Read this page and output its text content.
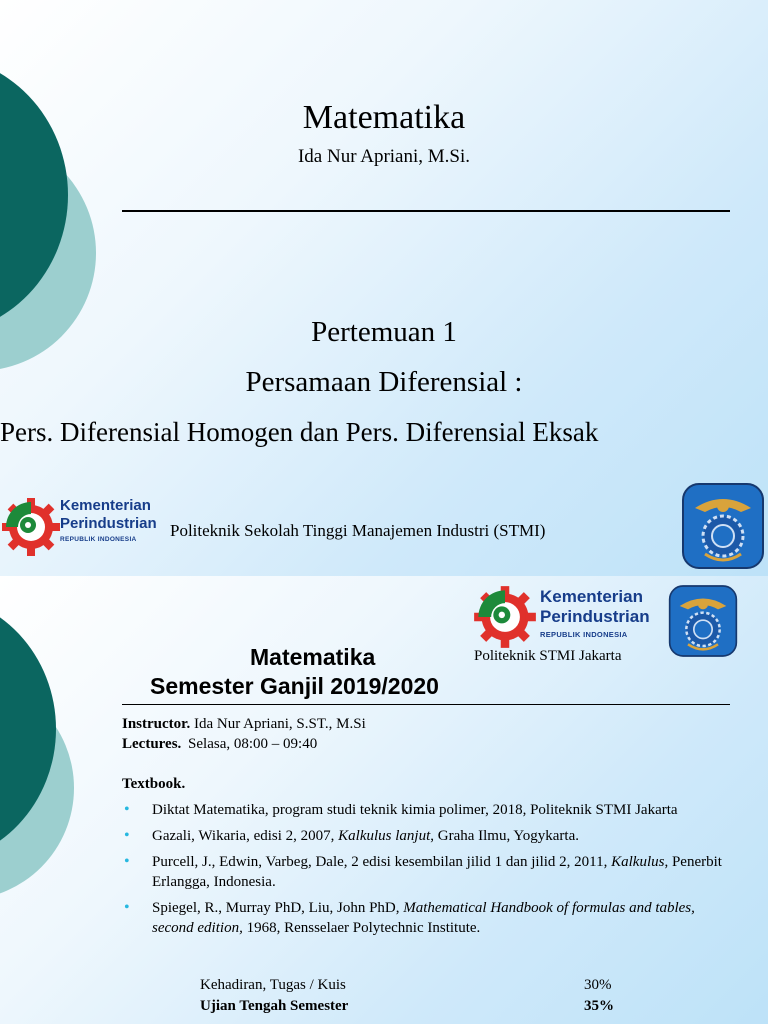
Matematika
Ida Nur Apriani, M.Si.
Pertemuan 1
Persamaan Diferensial :
Pers. Diferensial Homogen dan Pers. Diferensial Eksak
Kementerian
Perindustrian
REPUBLIK INDONESIA Politeknik Sekolah Tinggi Manajemen Industri (STMI)
Kementerian
Perindustrian
REPUBLIK INDONESIA
Politeknik STMI Jakarta
Matematika
Semester Ganjil 2019/2020
Instructor. Ida Nur Apriani, S.ST., M.Si
Lectures. Selasa, 08:00 – 09:40
Textbook.
• Diktat Matematika, program studi teknik kimia polimer, 2018, Politeknik STMI Jakarta
• Gazali, Wikaria, edisi 2, 2007, Kalkulus lanjut, Graha Ilmu, Yogykarta.
• Purcell, J., Edwin, Varbeg, Dale, 2 edisi kesembilan jilid 1 dan jilid 2, 2011, Kalkulus, Penerbit Erlangga, Indonesia.
• Spiegel, R., Murray PhD, Liu, John PhD, Mathematical Handbook of formulas and tables, second edition, 1968, Rensselaer Polytechnic Institute.
Kehadiran, Tugas / Kuis	30%
Ujian Tengah Semester	35%
